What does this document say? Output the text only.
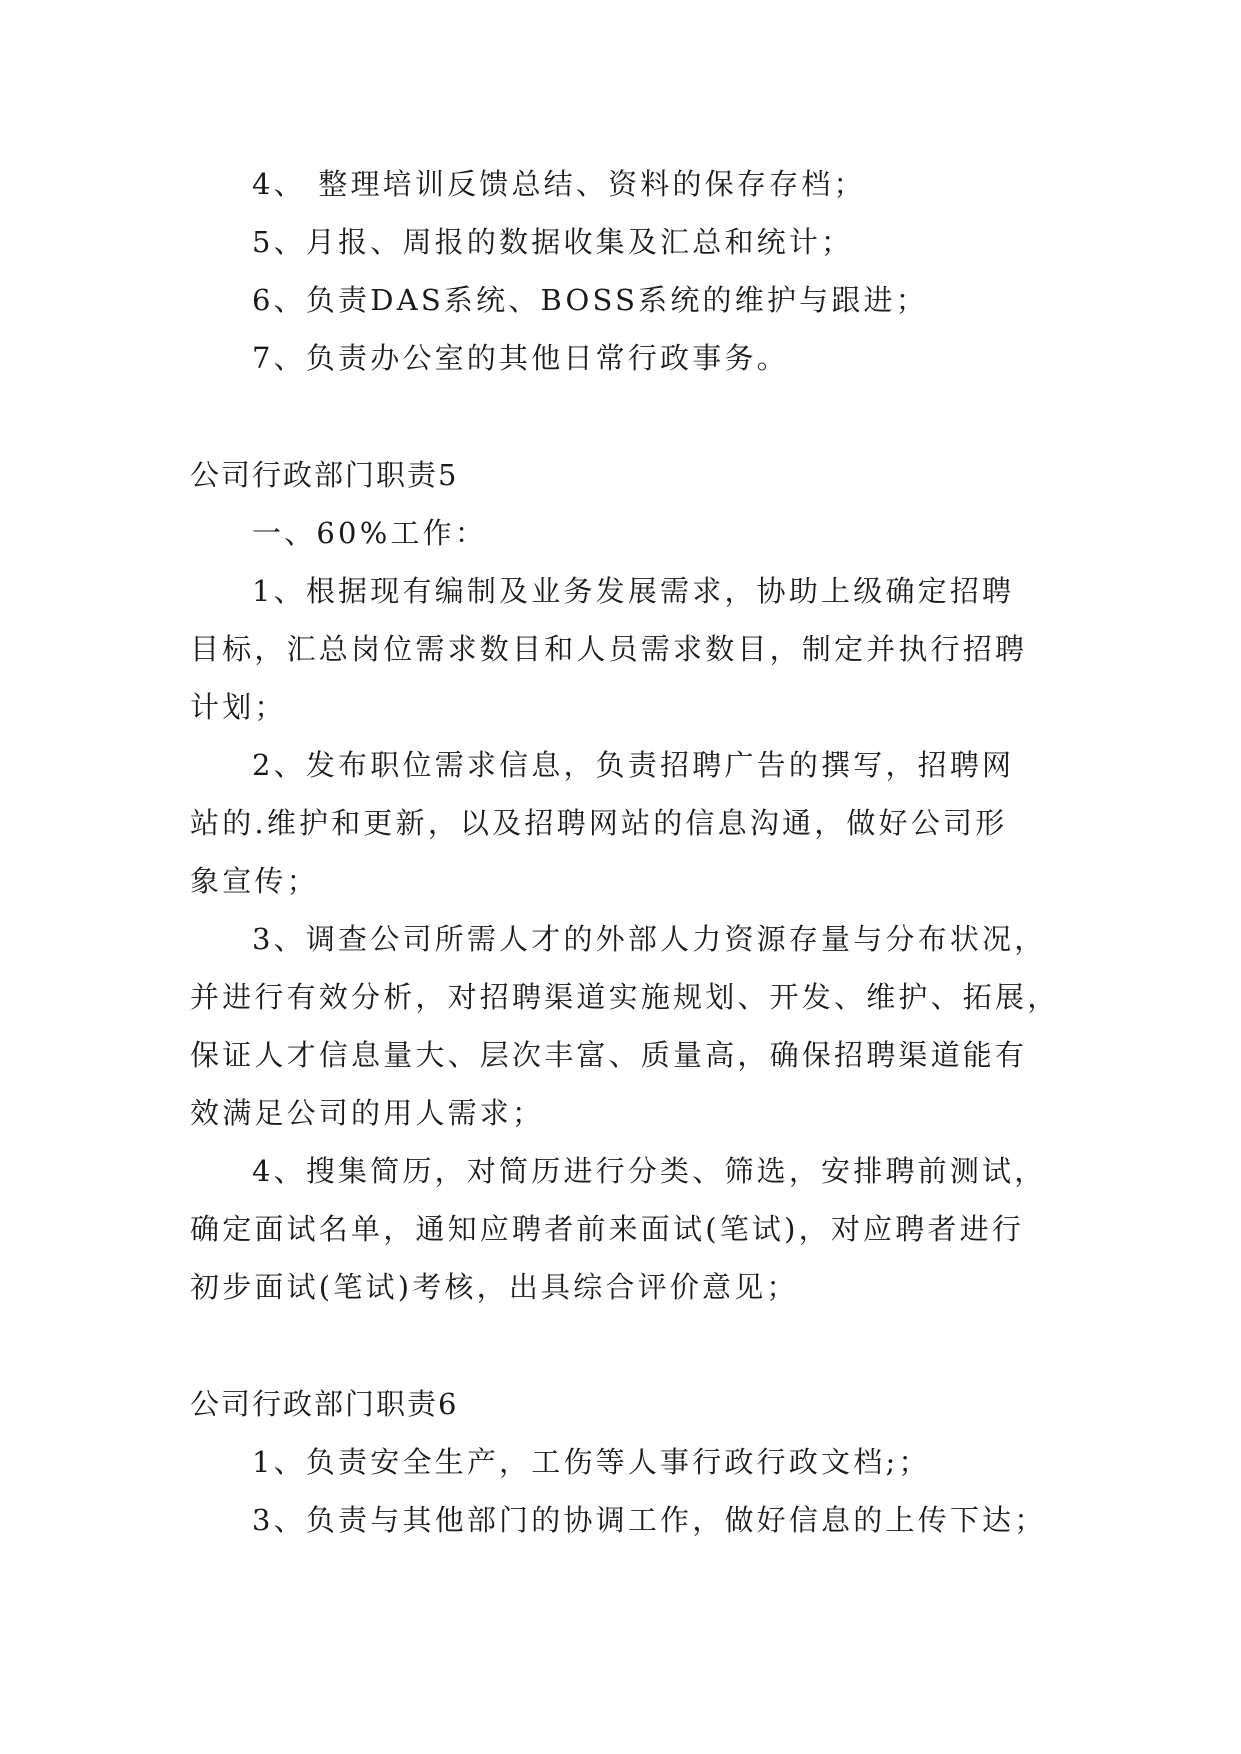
4、 整理培训反馈总结、资料的保存存档；
5、月报、周报的数据收集及汇总和统计；
6、负责DAS系统、BOSS系统的维护与跟进；
7、负责办公室的其他日常行政事务。
公司行政部门职责5
一、60%工作：
1、根据现有编制及业务发展需求，协助上级确定招聘
目标，汇总岗位需求数目和人员需求数目，制定并执行招聘
计划；
2、发布职位需求信息，负责招聘广告的撰写，招聘网
站的.维护和更新，以及招聘网站的信息沟通，做好公司形
象宣传；
3、调查公司所需人才的外部人力资源存量与分布状况，
并进行有效分析，对招聘渠道实施规划、开发、维护、拓展，
保证人才信息量大、层次丰富、质量高，确保招聘渠道能有
效满足公司的用人需求；
4、搜集简历，对简历进行分类、筛选，安排聘前测试，
确定面试名单，通知应聘者前来面试(笔试)，对应聘者进行
初步面试(笔试)考核，出具综合评价意见；
公司行政部门职责6
1、负责安全生产，工伤等人事行政行政文档;；
3、负责与其他部门的协调工作，做好信息的上传下达；
